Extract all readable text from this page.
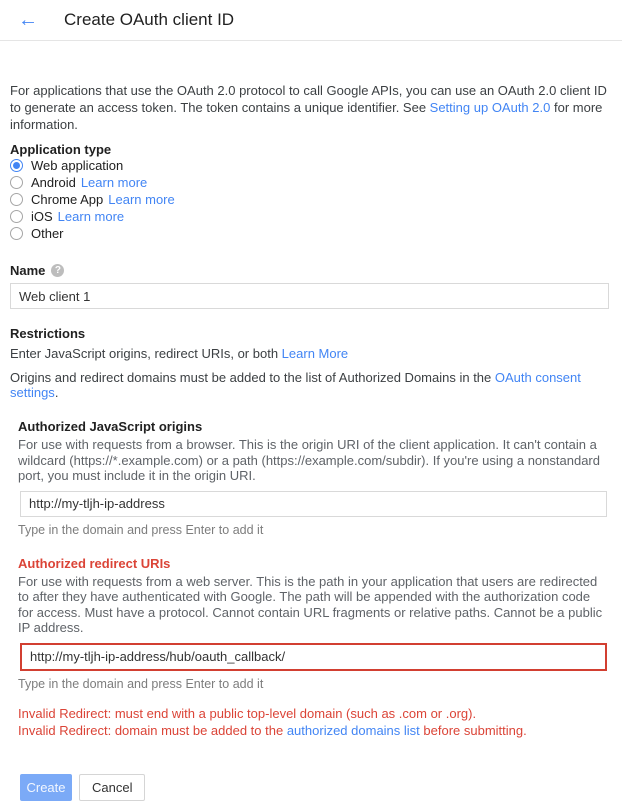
← Create OAuth client ID

For applications that use the OAuth 2.0 protocol to call Google APIs, you can use an OAuth 2.0 client ID to generate an access token. The token contains a unique identifier. See Setting up OAuth 2.0 for more information.

Application type
Web application
Android Learn more
Chrome App Learn more
iOS Learn more
Other
Name ?
Web client 1
Restrictions
Enter JavaScript origins, redirect URIs, or both Learn More
Origins and redirect domains must be added to the list of Authorized Domains in the OAuth consent settings.
Authorized JavaScript origins
For use with requests from a browser. This is the origin URI of the client application. It can't contain a wildcard (https://*.example.com) or a path (https://example.com/subdir). If you're using a nonstandard port, you must include it in the origin URI.
http://my-tljh-ip-address
Type in the domain and press Enter to add it
Authorized redirect URIs
For use with requests from a web server. This is the path in your application that users are redirected to after they have authenticated with Google. The path will be appended with the authorization code for access. Must have a protocol. Cannot contain URL fragments or relative paths. Cannot be a public IP address.
http://my-tljh-ip-address/hub/oauth_callback/
Type in the domain and press Enter to add it
Invalid Redirect: must end with a public top-level domain (such as .com or .org).
Invalid Redirect: domain must be added to the authorized domains list before submitting.
Create	Cancel
